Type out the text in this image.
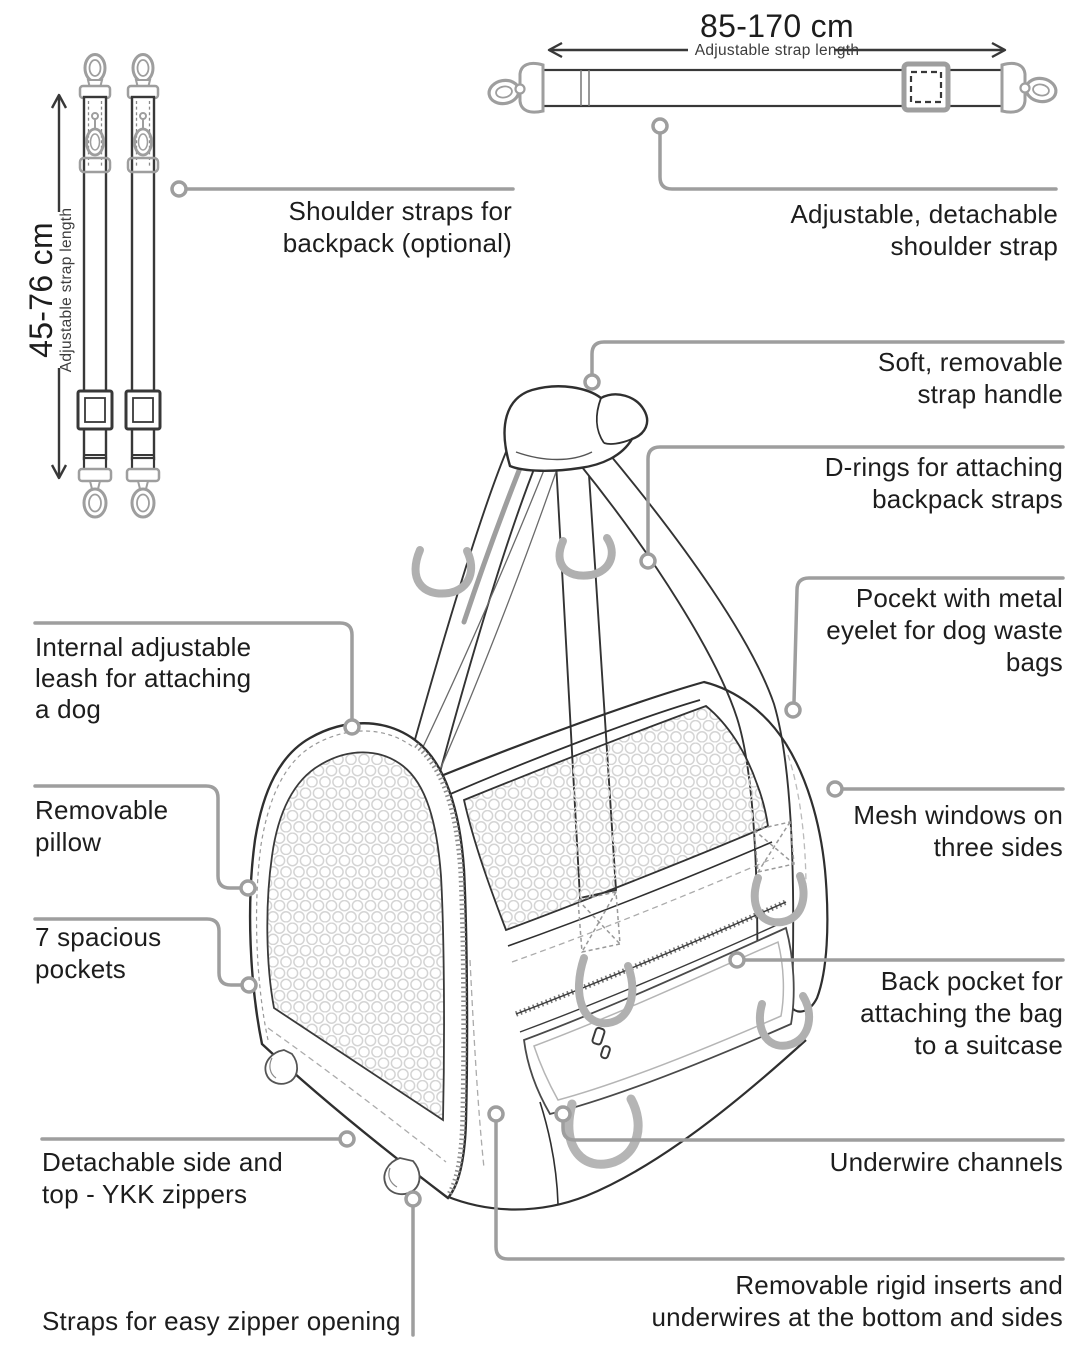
45-76 cm Adjustable strap length
85-170 cm
Adjustable strap length
Shoulder straps for
backpack (optional)
Adjustable, detachable
shoulder strap
Soft, removable
strap handle
D-rings for attaching
backpack straps
Pocekt with metal
eyelet for dog waste
bags
Internal adjustable
leash for attaching
a dog
Removable
pillow
7 spacious
pockets
Mesh windows on
three sides
Back pocket for
attaching the bag
to a suitcase
Detachable side and
top - YKK zippers
Underwire channels
Straps for easy zipper opening
Removable rigid inserts and
underwires at the bottom and sides
